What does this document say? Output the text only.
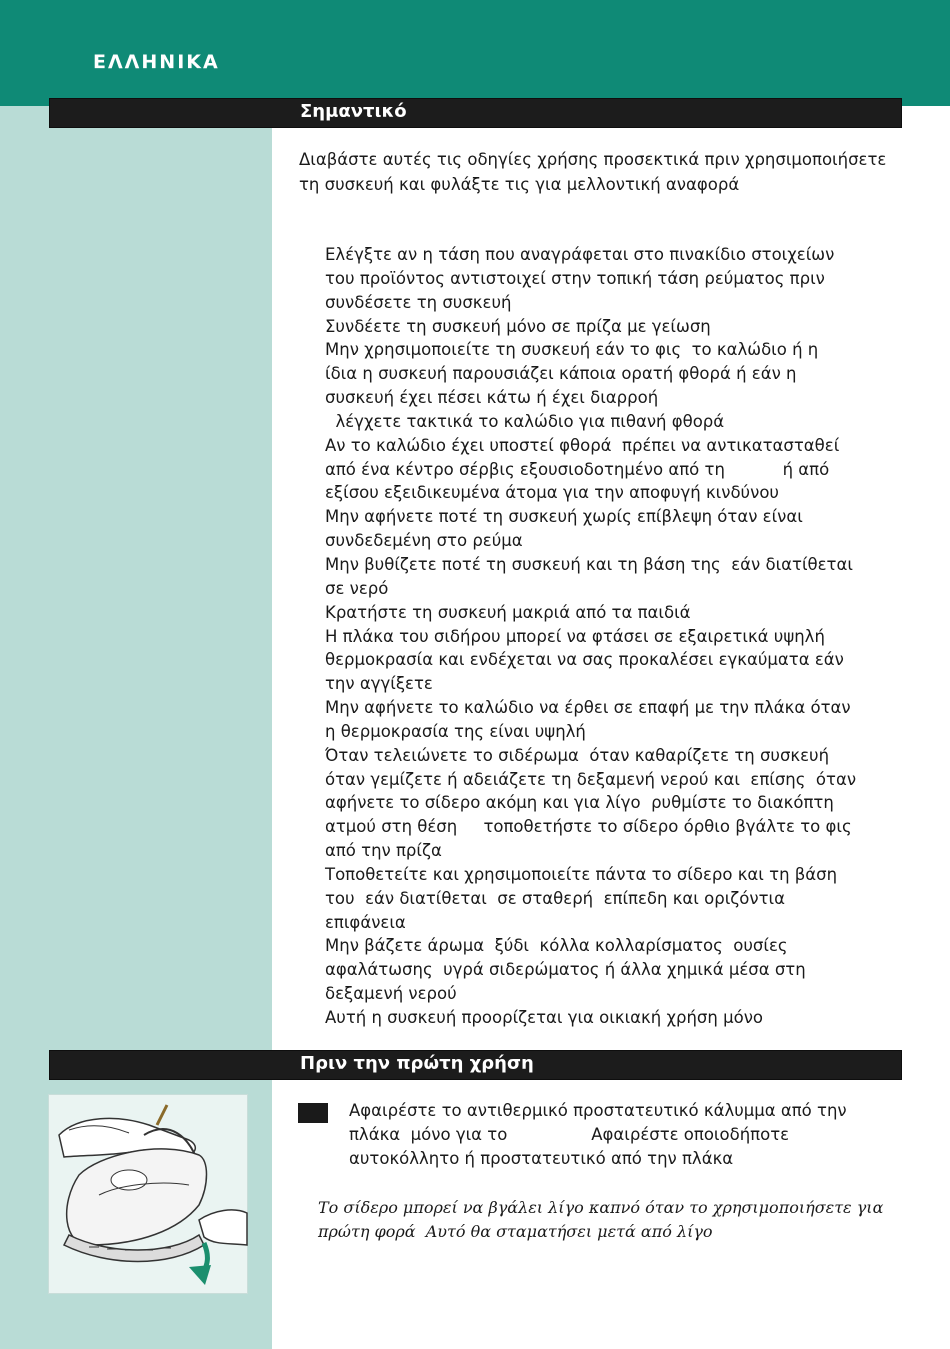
ΕΛΛΗΝΙΚΑ
Σημαντικό
Διαβάστε αυτές τις οδηγίες χρήσης προσεκτικά πριν χρησιμοποιήσετε τη συσκευή και φυλάξτε τις για μελλοντική αναφορά
Ελέγξτε αν η τάση που αναγράφεται στο πινακίδιο στοιχείων
του προϊόντος αντιστοιχεί στην τοπική τάση ρεύματος πριν
συνδέσετε τη συσκευή
Συνδέετε τη συσκευή μόνο σε πρίζα με γείωση
Μην χρησιμοποιείτε τη συσκευή εάν το φις  το καλώδιο ή η
ίδια η συσκευή παρουσιάζει κάποια ορατή φθορά ή εάν η
συσκευή έχει πέσει κάτω ή έχει διαρροή
λέγχετε τακτικά το καλώδιο για πιθανή φθορά
Αν το καλώδιο έχει υποστεί φθορά  πρέπει να αντικατασταθεί
από ένα κέντρο σέρβις εξουσιοδοτημένο από τη           ή από
εξίσου εξειδικευμένα άτομα για την αποφυγή κινδύνου
Μην αφήνετε ποτέ τη συσκευή χωρίς επίβλεψη όταν είναι
συνδεδεμένη στο ρεύμα
Μην βυθίζετε ποτέ τη συσκευή και τη βάση της  εάν διατίθεται
σε νερό
Κρατήστε τη συσκευή μακριά από τα παιδιά
Η πλάκα του σιδήρου μπορεί να φτάσει σε εξαιρετικά υψηλή
θερμοκρασία και ενδέχεται να σας προκαλέσει εγκαύματα εάν
την αγγίξετε
Μην αφήνετε το καλώδιο να έρθει σε επαφή με την πλάκα όταν
η θερμοκρασία της είναι υψηλή
Όταν τελειώνετε το σιδέρωμα  όταν καθαρίζετε τη συσκευή
όταν γεμίζετε ή αδειάζετε τη δεξαμενή νερού και  επίσης  όταν
αφήνετε το σίδερο ακόμη και για λίγο  ρυθμίστε το διακόπτη
ατμού στη θέση     τοποθετήστε το σίδερο όρθιο βγάλτε το φις
από την πρίζα
Τοποθετείτε και χρησιμοποιείτε πάντα το σίδερο και τη βάση
του  εάν διατίθεται  σε σταθερή  επίπεδη και οριζόντια
επιφάνεια
Μην βάζετε άρωμα  ξύδι  κόλλα κολλαρίσματος  ουσίες
αφαλάτωσης  υγρά σιδερώματος ή άλλα χημικά μέσα στη
δεξαμενή νερού
Αυτή η συσκευή προορίζεται για οικιακή χρήση μόνο
Πριν την πρώτη χρήση
Αφαιρέστε το αντιθερμικό προστατευτικό κάλυμμα από την
πλάκα  μόνο για το                Αφαιρέστε οποιοδήποτε
αυτοκόλλητο ή προστατευτικό από την πλάκα
Το σίδερο μπορεί να βγάλει λίγο καπνό όταν το χρησιμοποιήσετε για
πρώτη φορά  Αυτό θα σταματήσει μετά από λίγο
